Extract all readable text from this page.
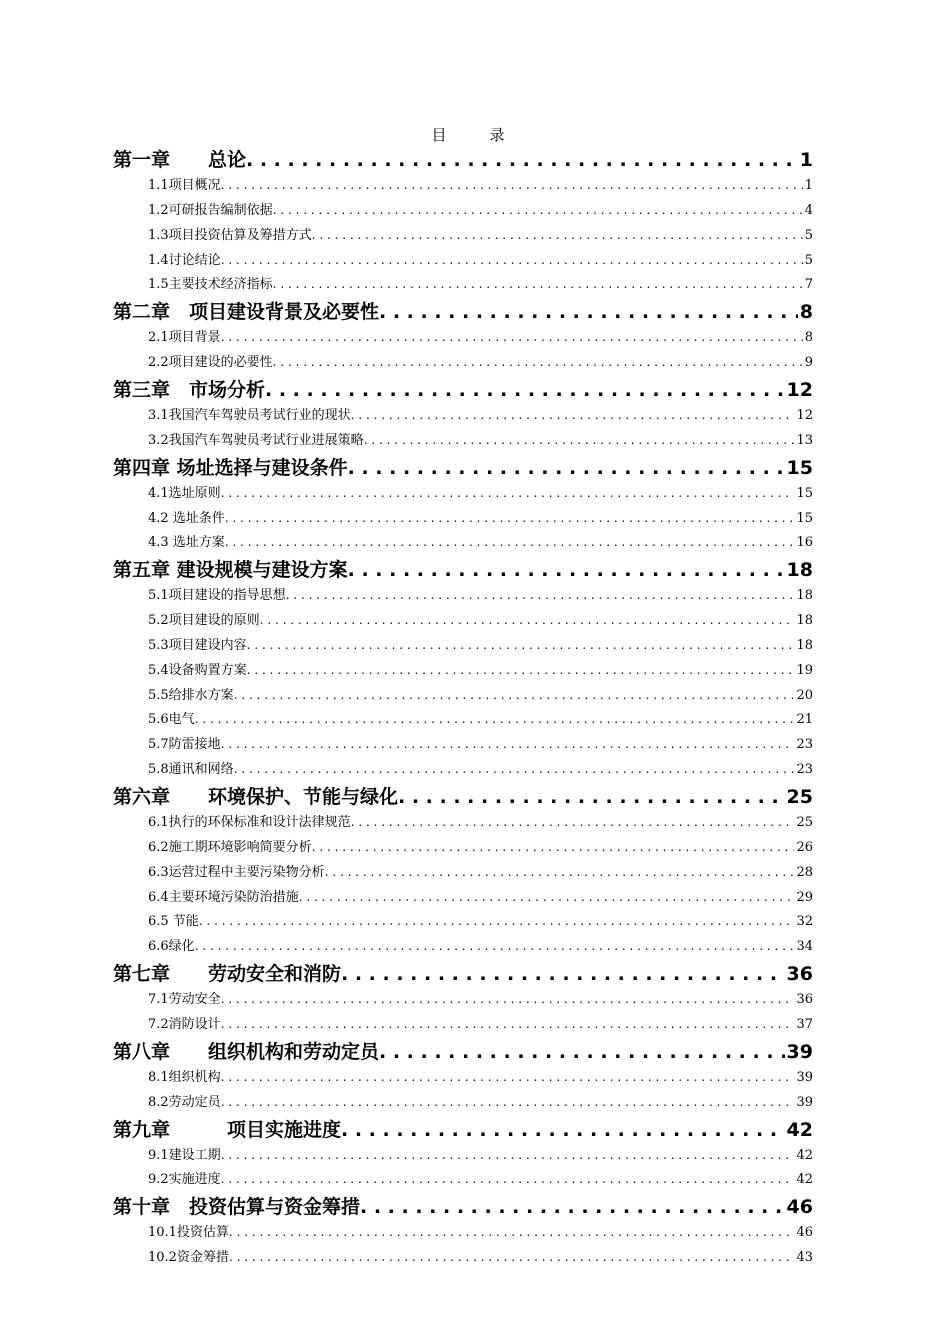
目　录
第一章　　总论 . . .	1
1.1项目概况 . . .	1
1.2可研报告编制依据 . . .	4
1.3项目投资估算及筹措方式 . . .	5
1.4讨论结论 . . .	5
1.5主要技术经济指标 . . .	7
第二章　项目建设背景及必要性 . . .	8
2.1项目背景 . . .	8
2.2项目建设的必要性 . . .	9
第三章　市场分析 . . .	12
3.1我国汽车驾驶员考试行业的现状 . . .	12
3.2我国汽车驾驶员考试行业进展策略 . . .	13
第四章 场址选择与建设条件 . . .	15
4.1选址原则 . . .	15
4.2 选址条件 . . .	15
4.3 选址方案 . . .	16
第五章 建设规模与建设方案 . . .	18
5.1项目建设的指导思想 . . .	18
5.2项目建设的原则 . . .	18
5.3项目建设内容 . . .	18
5.4设备购置方案 . . .	19
5.5给排水方案 . . .	20
5.6电气 . . .	21
5.7防雷接地 . . .	23
5.8通讯和网络 . . .	23
第六章　　环境保护、节能与绿化 . . .	25
6.1执行的环保标准和设计法律规范 . . .	25
6.2施工期环境影响简要分析 . . .	26
6.3运营过程中主要污染物分析 . . .	28
6.4主要环境污染防治措施 . . .	29
6.5 节能 . . .	32
6.6绿化 . . .	34
第七章　　劳动安全和消防 . . .	36
7.1劳动安全 . . .	36
7.2消防设计 . . .	37
第八章　　组织机构和劳动定员 . . .	39
8.1组织机构 . . .	39
8.2劳动定员 . . .	39
第九章　　　项目实施进度 . . .	42
9.1建设工期 . . .	42
9.2实施进度 . . .	42
第十章　投资估算与资金筹措 . . .	46
10.1投资估算 . . .	46
10.2资金筹措 . . .	43
